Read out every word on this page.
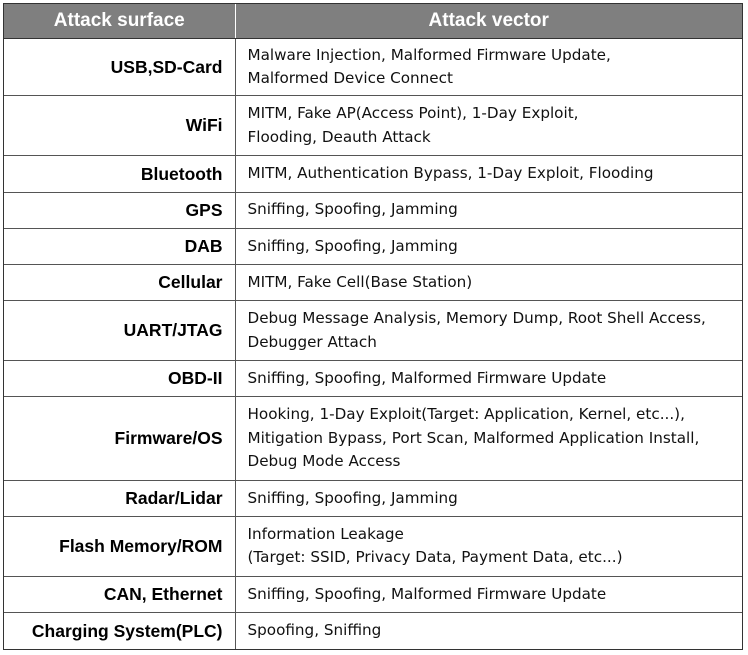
Attack surface	Attack vector
USB,SD-Card	Malware Injection, Malformed Firmware Update,
Malformed Device Connect
WiFi	MITM, Fake AP(Access Point), 1-Day Exploit,
Flooding, Deauth Attack
Bluetooth	MITM, Authentication Bypass, 1-Day Exploit, Flooding
GPS	Sniffing, Spoofing, Jamming
DAB	Sniffing, Spoofing, Jamming
Cellular	MITM, Fake Cell(Base Station)
UART/JTAG	Debug Message Analysis, Memory Dump, Root Shell Access,
Debugger Attach
OBD-II	Sniffing, Spoofing, Malformed Firmware Update
Firmware/OS	Hooking, 1-Day Exploit(Target: Application, Kernel, etc...),
Mitigation Bypass, Port Scan, Malformed Application Install,
Debug Mode Access
Radar/Lidar	Sniffing, Spoofing, Jamming
Flash Memory/ROM	Information Leakage
(Target: SSID, Privacy Data, Payment Data, etc...)
CAN, Ethernet	Sniffing, Spoofing, Malformed Firmware Update
Charging System(PLC)	Spoofing, Sniffing
